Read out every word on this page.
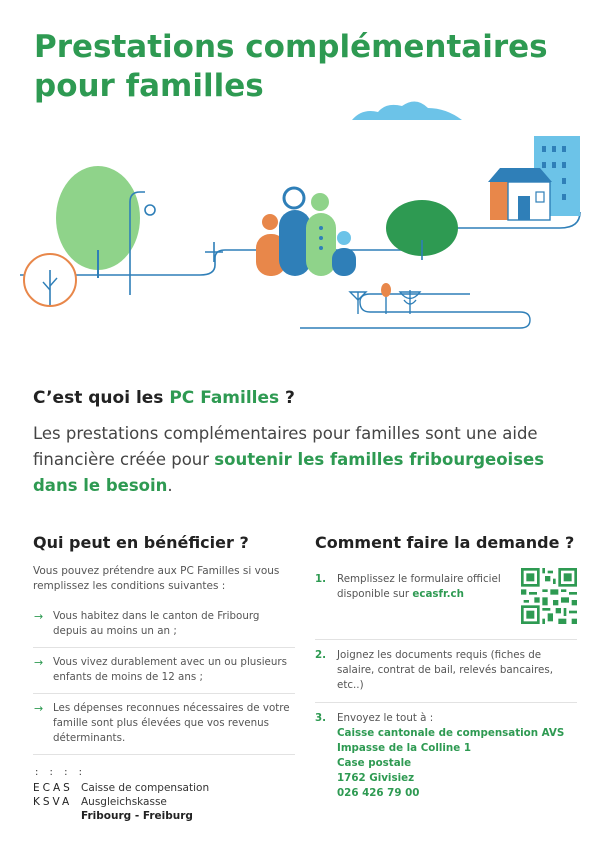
Prestations complémentaires
pour familles
C’est quoi les PC Familles ?

Les prestations complémentaires pour familles sont une aide financière créée pour soutenir les familles fribourgeoises dans le besoin.

Qui peut en bénéficier ?

Vous pouvez prétendre aux PC Familles si vous remplissez les conditions suivantes :

→ Vous habitez dans le canton de Fribourg depuis au moins un an ;
→ Vous vivez durablement avec un ou plusieurs enfants de moins de 12 ans ;
→ Les dépenses reconnues nécessaires de votre famille sont plus élevées que vos revenus déterminants.
Comment faire la demande ?
1. Remplissez le formulaire officiel disponible sur ecasfr.ch
2. Joignez les documents requis (fiches de salaire, contrat de bail, relevés bancaires, etc..)
3. Envoyez le tout à :
Caisse cantonale de compensation AVS
Impasse de la Colline 1
Case postale
1762 Givisiez
026 426 79 00
: : : :
ECAS
KSVA
Caisse de compensation
Ausgleichskasse
Fribourg - Freiburg
